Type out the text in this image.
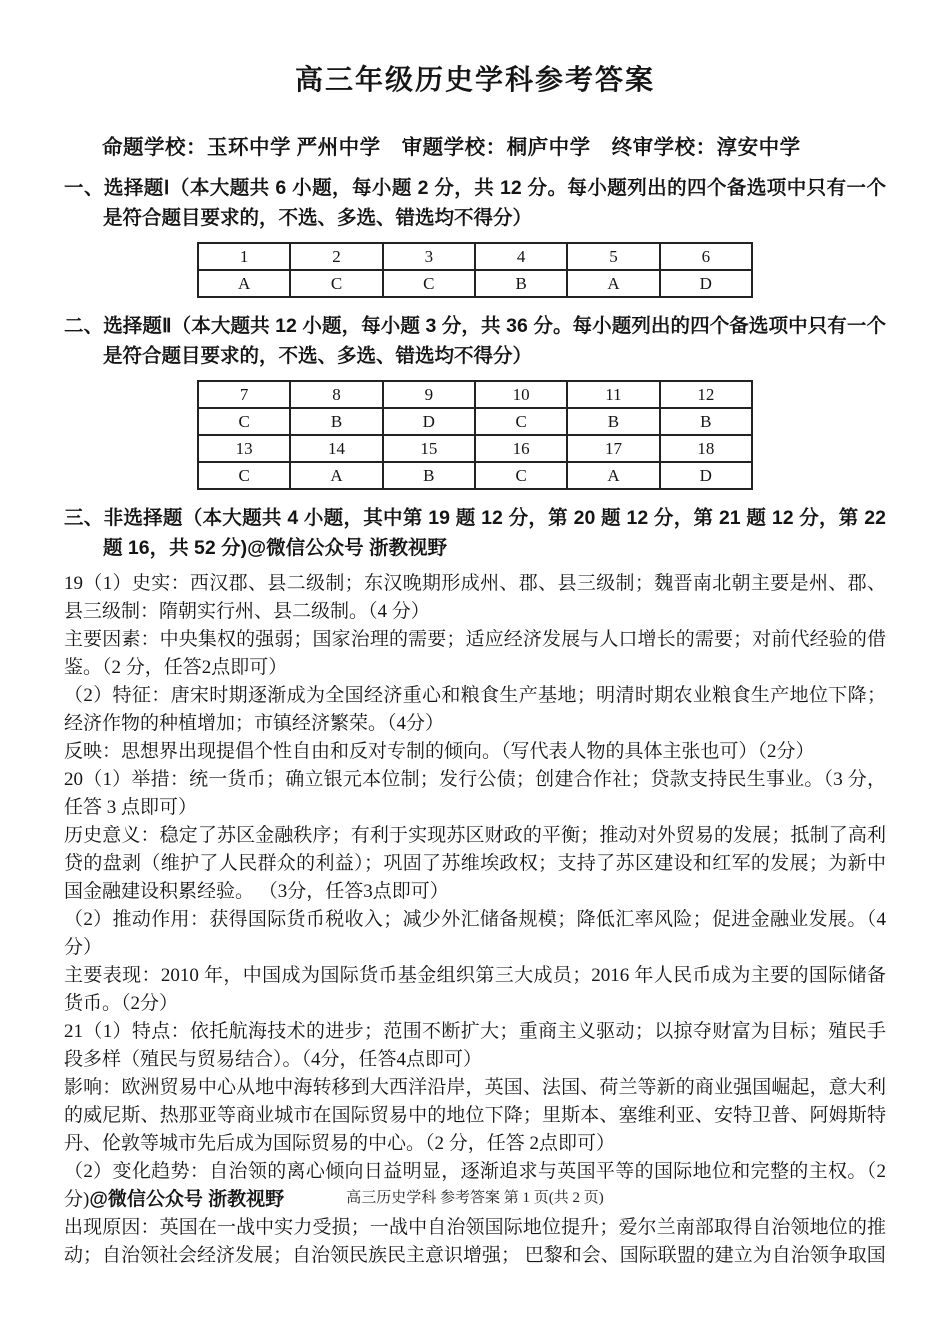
高三年级历史学科参考答案
命题学校：玉环中学 严州中学　审题学校：桐庐中学　终审学校：淳安中学
一、选择题Ⅰ（本大题共 6 小题，每小题 2 分，共 12 分。每小题列出的四个备选项中只有一个是符合题目要求的，不选、多选、错选均不得分）
1	2	3	4	5	6
A	C	C	B	A	D
二、选择题Ⅱ（本大题共 12 小题，每小题 3 分，共 36 分。每小题列出的四个备选项中只有一个是符合题目要求的，不选、多选、错选均不得分）
7	8	9	10	11	12
C	B	D	C	B	B
13	14	15	16	17	18
C	A	B	C	A	D
三、非选择题（本大题共 4 小题，其中第 19 题 12 分，第 20 题 12 分，第 21 题 12 分，第 22 题 16，共 52 分)@微信公众号 浙教视野
19（1）史实：西汉郡、县二级制；东汉晚期形成州、郡、县三级制；魏晋南北朝主要是州、郡、县三级制：隋朝实行州、县二级制。（4 分）
主要因素：中央集权的强弱；国家治理的需要；适应经济发展与人口增长的需要；对前代经验的借鉴。（2 分，任答2点即可）
（2）特征：唐宋时期逐渐成为全国经济重心和粮食生产基地；明清时期农业粮食生产地位下降；经济作物的种植增加；市镇经济繁荣。（4分）
反映：思想界出现提倡个性自由和反对专制的倾向。（写代表人物的具体主张也可）（2分）
20（1）举措：统一货币；确立银元本位制；发行公债；创建合作社；贷款支持民生事业。（3 分，任答 3 点即可）
历史意义：稳定了苏区金融秩序；有利于实现苏区财政的平衡；推动对外贸易的发展；抵制了高利贷的盘剥（维护了人民群众的利益）；巩固了苏维埃政权；支持了苏区建设和红军的发展；为新中国金融建设积累经验。 （3分，任答3点即可）
（2）推动作用：获得国际货币税收入；减少外汇储备规模；降低汇率风险；促进金融业发展。（4分）
主要表现：2010 年，中国成为国际货币基金组织第三大成员；2016 年人民币成为主要的国际储备货币。（2分）
21（1）特点：依托航海技术的进步；范围不断扩大；重商主义驱动；以掠夺财富为目标；殖民手段多样（殖民与贸易结合）。（4分，任答4点即可）
影响：欧洲贸易中心从地中海转移到大西洋沿岸，英国、法国、荷兰等新的商业强国崛起，意大利的威尼斯、热那亚等商业城市在国际贸易中的地位下降；里斯本、塞维利亚、安特卫普、阿姆斯特丹、伦敦等城市先后成为国际贸易的中心。（2 分，任答 2点即可）
（2）变化趋势：自治领的离心倾向日益明显，逐渐追求与英国平等的国际地位和完整的主权。（2分)@微信公众号 浙教视野
出现原因：英国在一战中实力受损；一战中自治领国际地位提升；爱尔兰南部取得自治领地位的推动；自治领社会经济发展；自治领民族民主意识增强； 巴黎和会、国际联盟的建立为自治领争取国
高三历史学科 参考答案 第 1 页(共 2 页)
